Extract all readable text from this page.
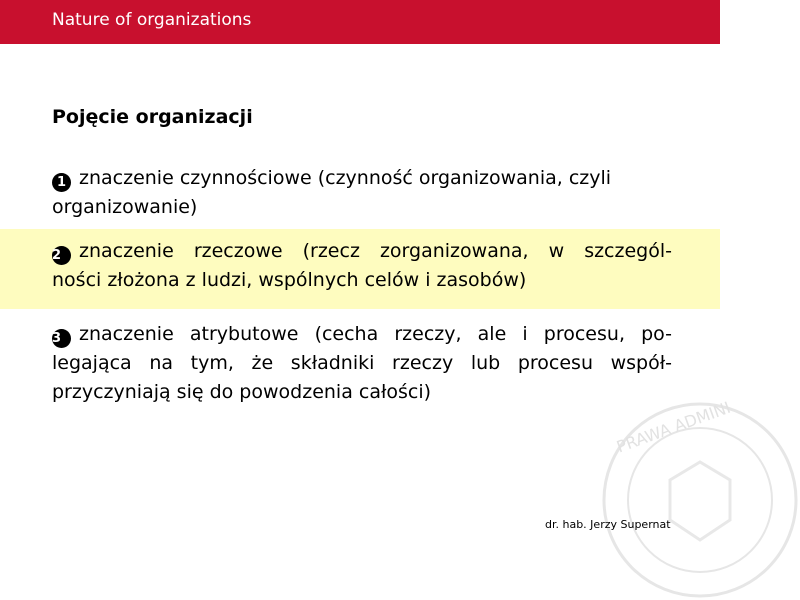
Nature of organizations
Pojęcie organizacji
1 znaczenie czynnościowe (czynność organizowania, czyli
organizowanie)
2 znaczenie rzeczowe (rzecz zorganizowana, w szczegól-
ności złożona z ludzi, wspólnych celów i zasobów)
3 znaczenie atrybutowe (cecha rzeczy, ale i procesu, po-
legająca na tym, że składniki rzeczy lub procesu współ-
przyczyniają się do powodzenia całości)
PRAWA ADMINI
dr. hab. Jerzy Supernat
